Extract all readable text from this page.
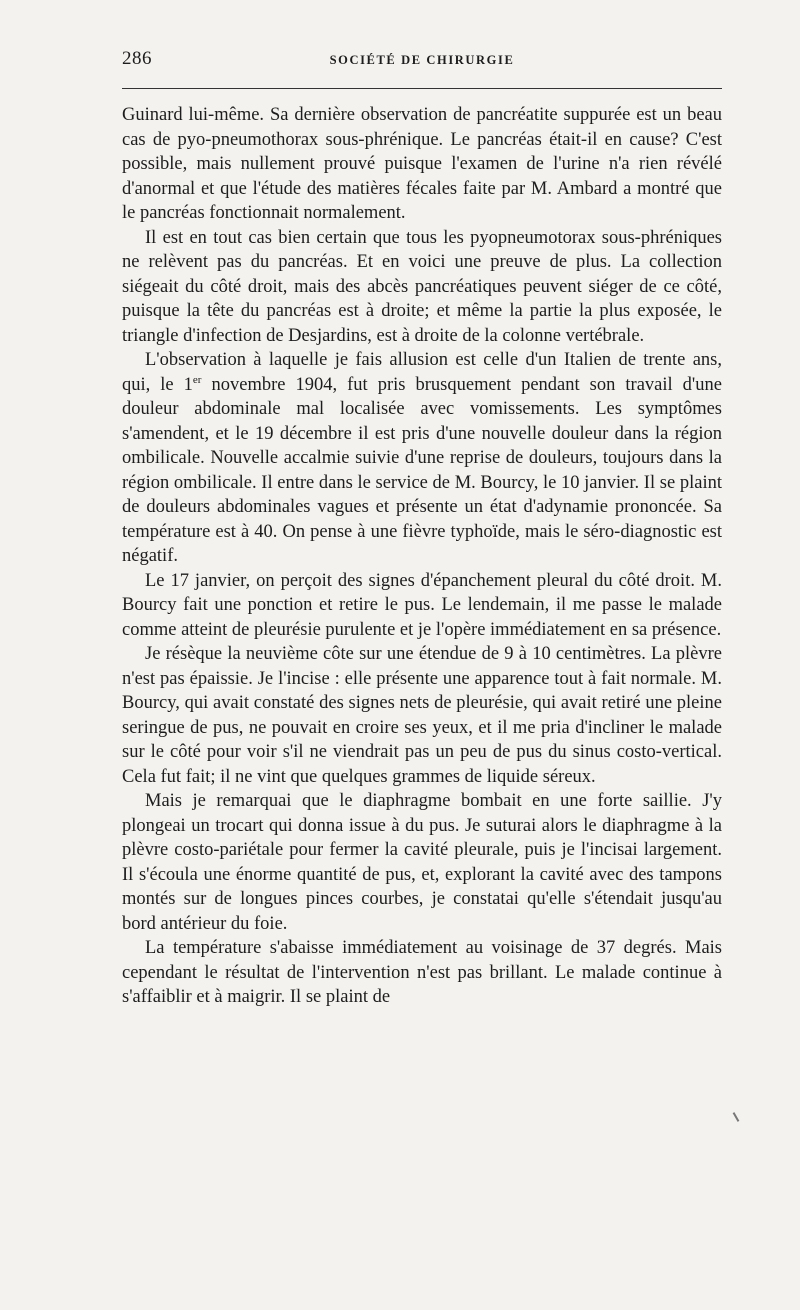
286	SOCIÉTÉ DE CHIRURGIE

Guinard lui-même. Sa dernière observation de pancréatite suppurée est un beau cas de pyo-pneumothorax sous-phrénique. Le pancréas était-il en cause? C'est possible, mais nullement prouvé puisque l'examen de l'urine n'a rien révélé d'anormal et que l'étude des matières fécales faite par M. Ambard a montré que le pancréas fonctionnait normalement.

Il est en tout cas bien certain que tous les pyopneumotorax sous-phréniques ne relèvent pas du pancréas. Et en voici une preuve de plus. La collection siégeait du côté droit, mais des abcès pancréatiques peuvent siéger de ce côté, puisque la tête du pancréas est à droite; et même la partie la plus exposée, le triangle d'infection de Desjardins, est à droite de la colonne vertébrale.

L'observation à laquelle je fais allusion est celle d'un Italien de trente ans, qui, le 1er novembre 1904, fut pris brusquement pendant son travail d'une douleur abdominale mal localisée avec vomissements. Les symptômes s'amendent, et le 19 décembre il est pris d'une nouvelle douleur dans la région ombilicale. Nouvelle accalmie suivie d'une reprise de douleurs, toujours dans la région ombilicale. Il entre dans le service de M. Bourcy, le 10 janvier. Il se plaint de douleurs abdominales vagues et présente un état d'adynamie prononcée. Sa température est à 40. On pense à une fièvre typhoïde, mais le séro-diagnostic est négatif.

Le 17 janvier, on perçoit des signes d'épanchement pleural du côté droit. M. Bourcy fait une ponction et retire le pus. Le lendemain, il me passe le malade comme atteint de pleurésie purulente et je l'opère immédiatement en sa présence.

Je résèque la neuvième côte sur une étendue de 9 à 10 centimètres. La plèvre n'est pas épaissie. Je l'incise : elle présente une apparence tout à fait normale. M. Bourcy, qui avait constaté des signes nets de pleurésie, qui avait retiré une pleine seringue de pus, ne pouvait en croire ses yeux, et il me pria d'incliner le malade sur le côté pour voir s'il ne viendrait pas un peu de pus du sinus costo-vertical. Cela fut fait; il ne vint que quelques grammes de liquide séreux.

Mais je remarquai que le diaphragme bombait en une forte saillie. J'y plongeai un trocart qui donna issue à du pus. Je suturai alors le diaphragme à la plèvre costo-pariétale pour fermer la cavité pleurale, puis je l'incisai largement. Il s'écoula une énorme quantité de pus, et, explorant la cavité avec des tampons montés sur de longues pinces courbes, je constatai qu'elle s'étendait jusqu'au bord antérieur du foie.

La température s'abaisse immédiatement au voisinage de 37 degrés. Mais cependant le résultat de l'intervention n'est pas brillant. Le malade continue à s'affaiblir et à maigrir. Il se plaint de
